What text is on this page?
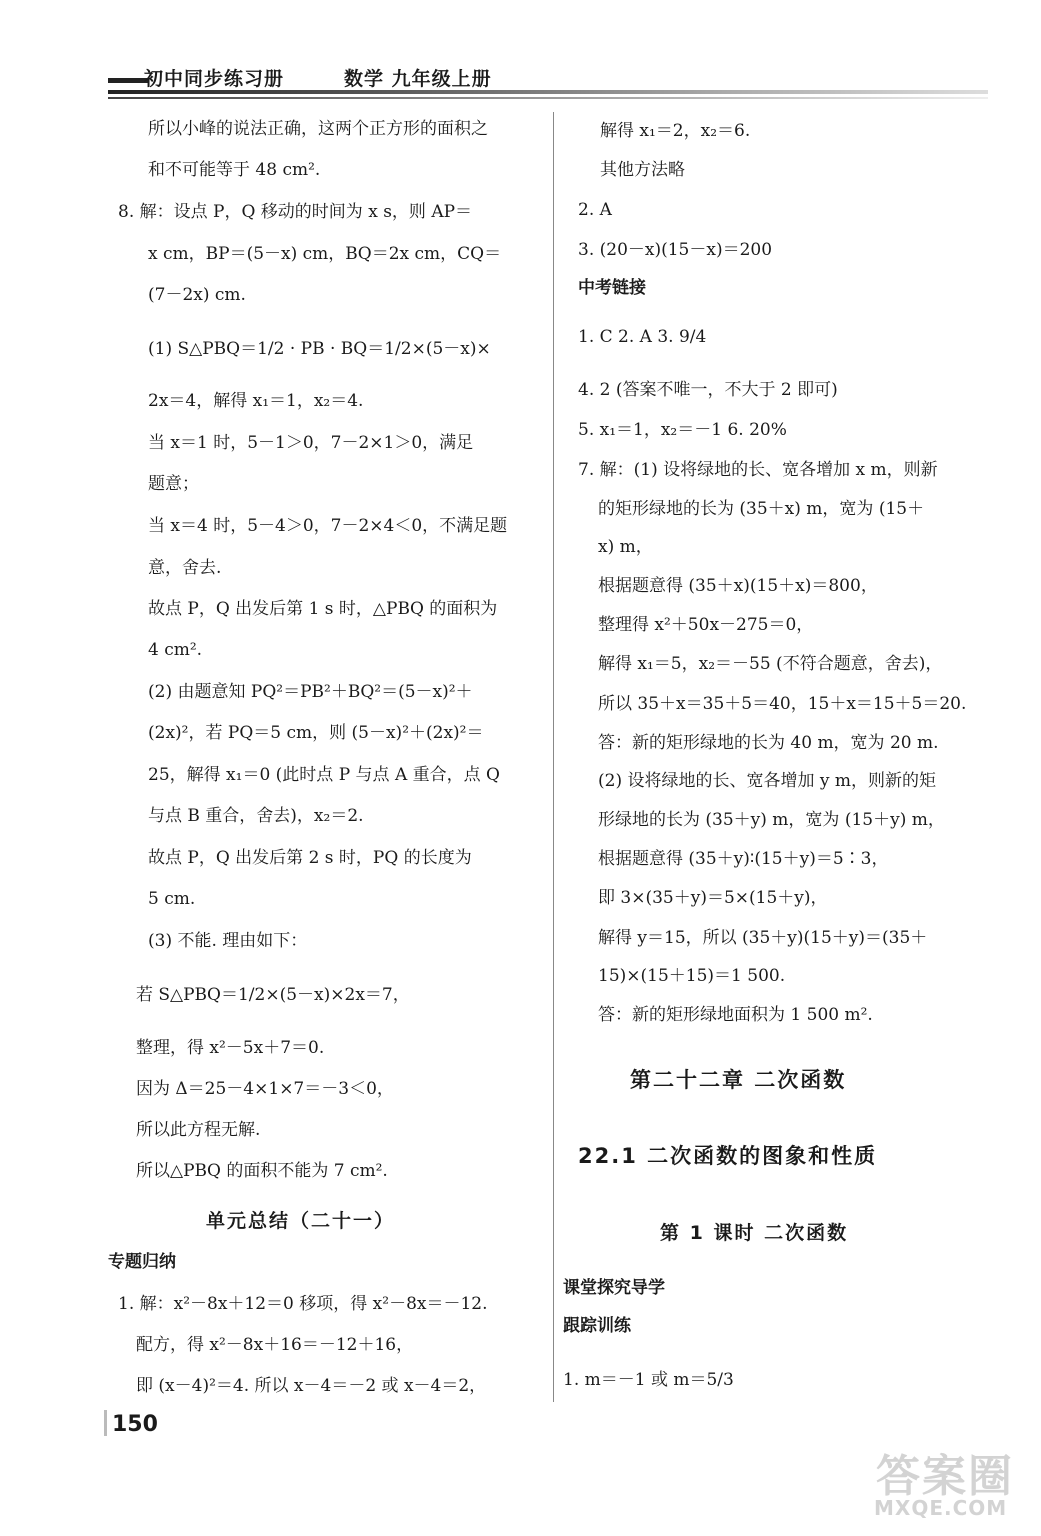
初中同步练习册	数学 九年级上册
所以小峰的说法正确，这两个正方形的面积之
和不可能等于 48 cm².
8. 解：设点 P，Q 移动的时间为 x s，则 AP＝
x cm，BP＝(5－x) cm，BQ＝2x cm，CQ＝
(7－2x) cm.
(1) S△PBQ＝1/2 · PB · BQ＝1/2×(5－x)×
2x＝4，解得 x₁＝1，x₂＝4.
当 x＝1 时，5－1＞0，7－2×1＞0，满足
题意；
当 x＝4 时，5－4＞0，7－2×4＜0，不满足题
意，舍去.
故点 P，Q 出发后第 1 s 时，△PBQ 的面积为
4 cm².
(2) 由题意知 PQ²＝PB²＋BQ²＝(5－x)²＋
(2x)²，若 PQ＝5 cm，则 (5－x)²＋(2x)²＝
25，解得 x₁＝0 (此时点 P 与点 A 重合，点 Q
与点 B 重合，舍去)，x₂＝2.
故点 P，Q 出发后第 2 s 时，PQ 的长度为
5 cm.
(3) 不能. 理由如下：
若 S△PBQ＝1/2×(5－x)×2x＝7，
整理，得 x²－5x＋7＝0.
因为 Δ＝25－4×1×7＝－3＜0，
所以此方程无解.
所以△PBQ 的面积不能为 7 cm².
单元总结（二十一）
专题归纳
1. 解：x²－8x＋12＝0 移项，得 x²－8x＝－12.
配方，得 x²－8x＋16＝－12＋16，
即 (x－4)²＝4. 所以 x－4＝－2 或 x－4＝2，
解得 x₁＝2，x₂＝6.
其他方法略
2. A
3. (20－x)(15－x)＝200
中考链接
1. C 2. A 3. 9/4
4. 2 (答案不唯一，不大于 2 即可)
5. x₁＝1，x₂＝－1 6. 20%
7. 解：(1) 设将绿地的长、宽各增加 x m，则新
的矩形绿地的长为 (35＋x) m，宽为 (15＋
x) m，
根据题意得 (35＋x)(15＋x)＝800，
整理得 x²＋50x－275＝0，
解得 x₁＝5，x₂＝－55 (不符合题意，舍去)，
所以 35＋x＝35＋5＝40，15＋x＝15＋5＝20.
答：新的矩形绿地的长为 40 m，宽为 20 m.
(2) 设将绿地的长、宽各增加 y m，则新的矩
形绿地的长为 (35＋y) m，宽为 (15＋y) m，
根据题意得 (35＋y)∶(15＋y)＝5∶3，
即 3×(35＋y)＝5×(15＋y)，
解得 y＝15，所以 (35＋y)(15＋y)＝(35＋
15)×(15＋15)＝1 500.
答：新的矩形绿地面积为 1 500 m².
第二十二章 二次函数
22.1 二次函数的图象和性质
第 1 课时 二次函数
课堂探究导学
跟踪训练
1. m＝－1 或 m＝5/3
150
答案圈
MXQE.COM
